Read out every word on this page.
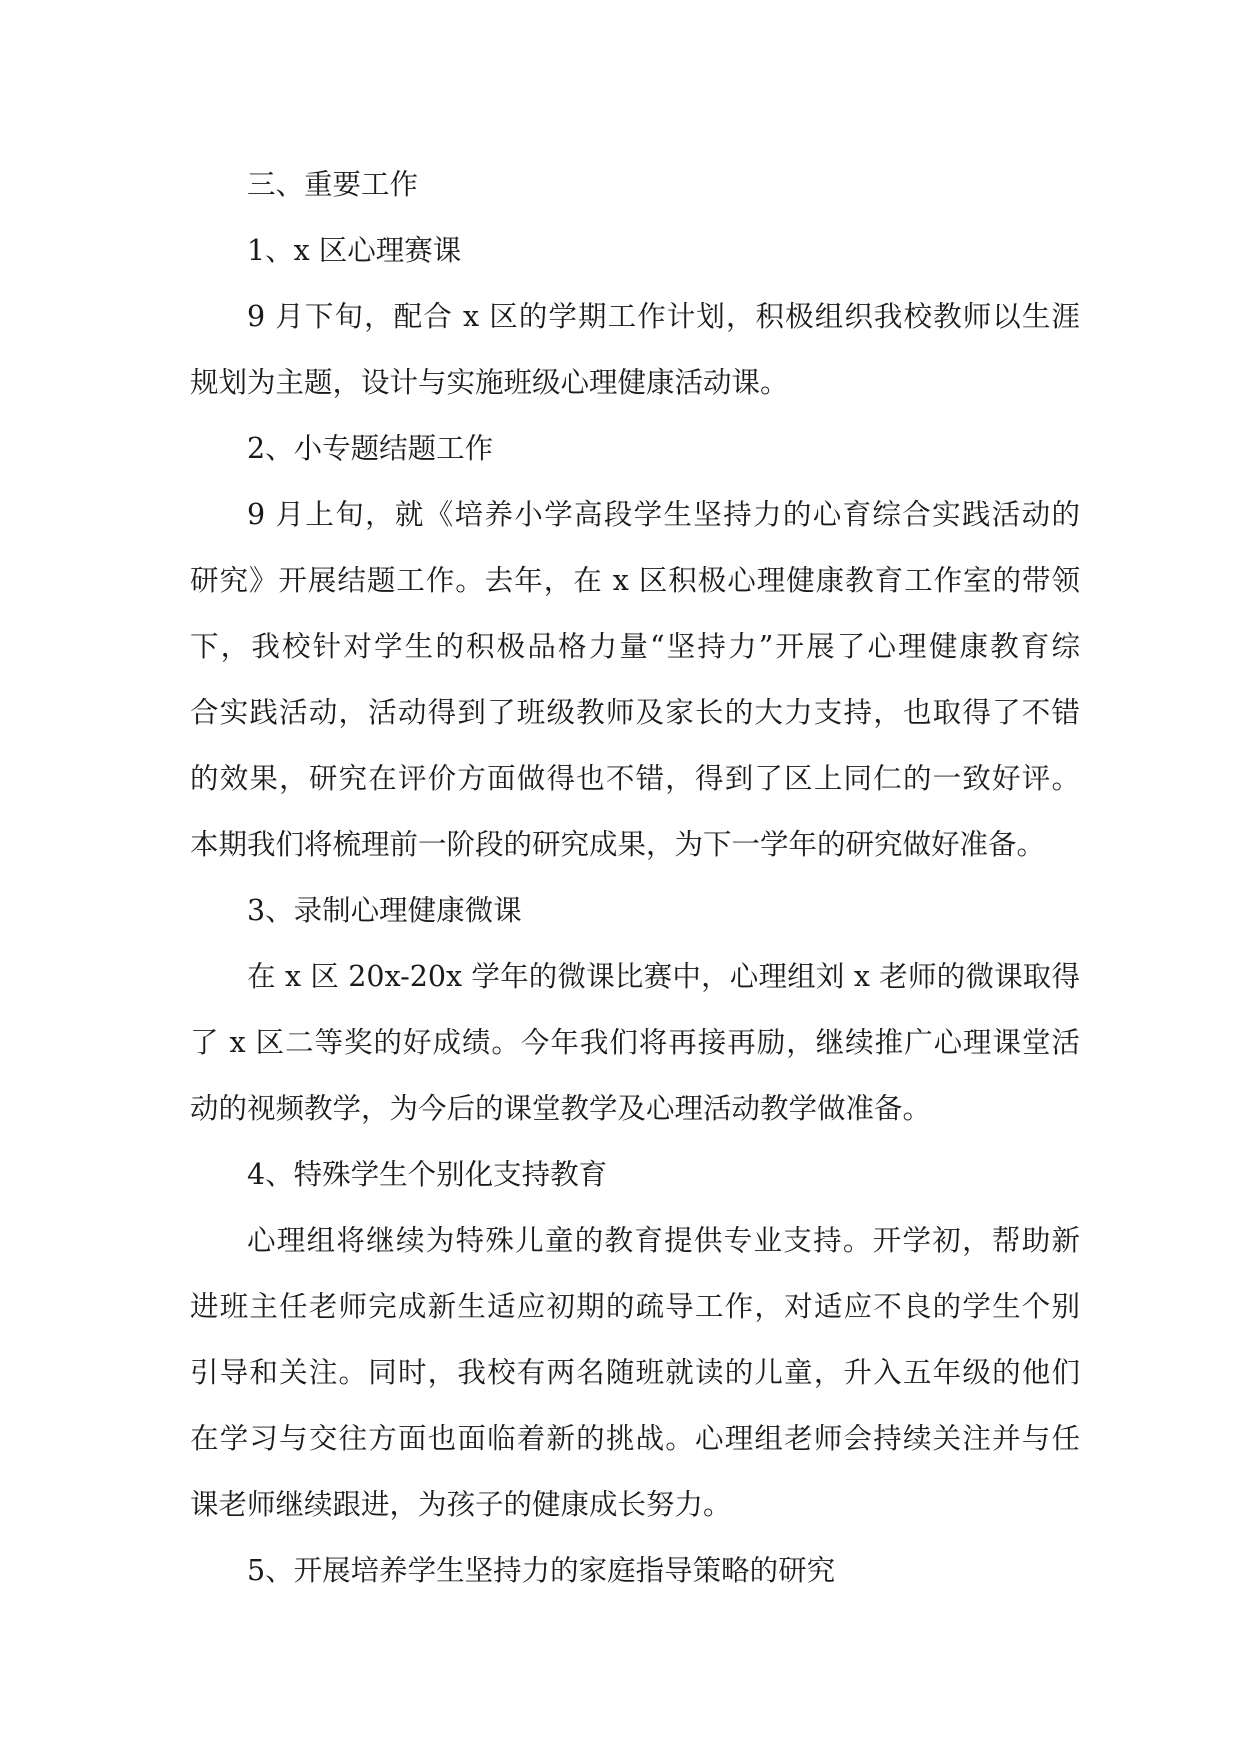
三、重要工作
1、x 区心理赛课
9 月下旬，配合 x 区的学期工作计划，积极组织我校教师以生涯
规划为主题，设计与实施班级心理健康活动课。
2、小专题结题工作
9 月上旬，就《培养小学高段学生坚持力的心育综合实践活动的
研究》开展结题工作。去年，在 x 区积极心理健康教育工作室的带领
下，我校针对学生的积极品格力量“坚持力”开展了心理健康教育综
合实践活动，活动得到了班级教师及家长的大力支持，也取得了不错
的效果，研究在评价方面做得也不错，得到了区上同仁的一致好评。
本期我们将梳理前一阶段的研究成果，为下一学年的研究做好准备。
3、录制心理健康微课
在 x 区 20x-20x 学年的微课比赛中，心理组刘 x 老师的微课取得
了 x 区二等奖的好成绩。今年我们将再接再励，继续推广心理课堂活
动的视频教学，为今后的课堂教学及心理活动教学做准备。
4、特殊学生个别化支持教育
心理组将继续为特殊儿童的教育提供专业支持。开学初，帮助新
进班主任老师完成新生适应初期的疏导工作，对适应不良的学生个别
引导和关注。同时，我校有两名随班就读的儿童，升入五年级的他们
在学习与交往方面也面临着新的挑战。心理组老师会持续关注并与任
课老师继续跟进，为孩子的健康成长努力。
5、开展培养学生坚持力的家庭指导策略的研究
